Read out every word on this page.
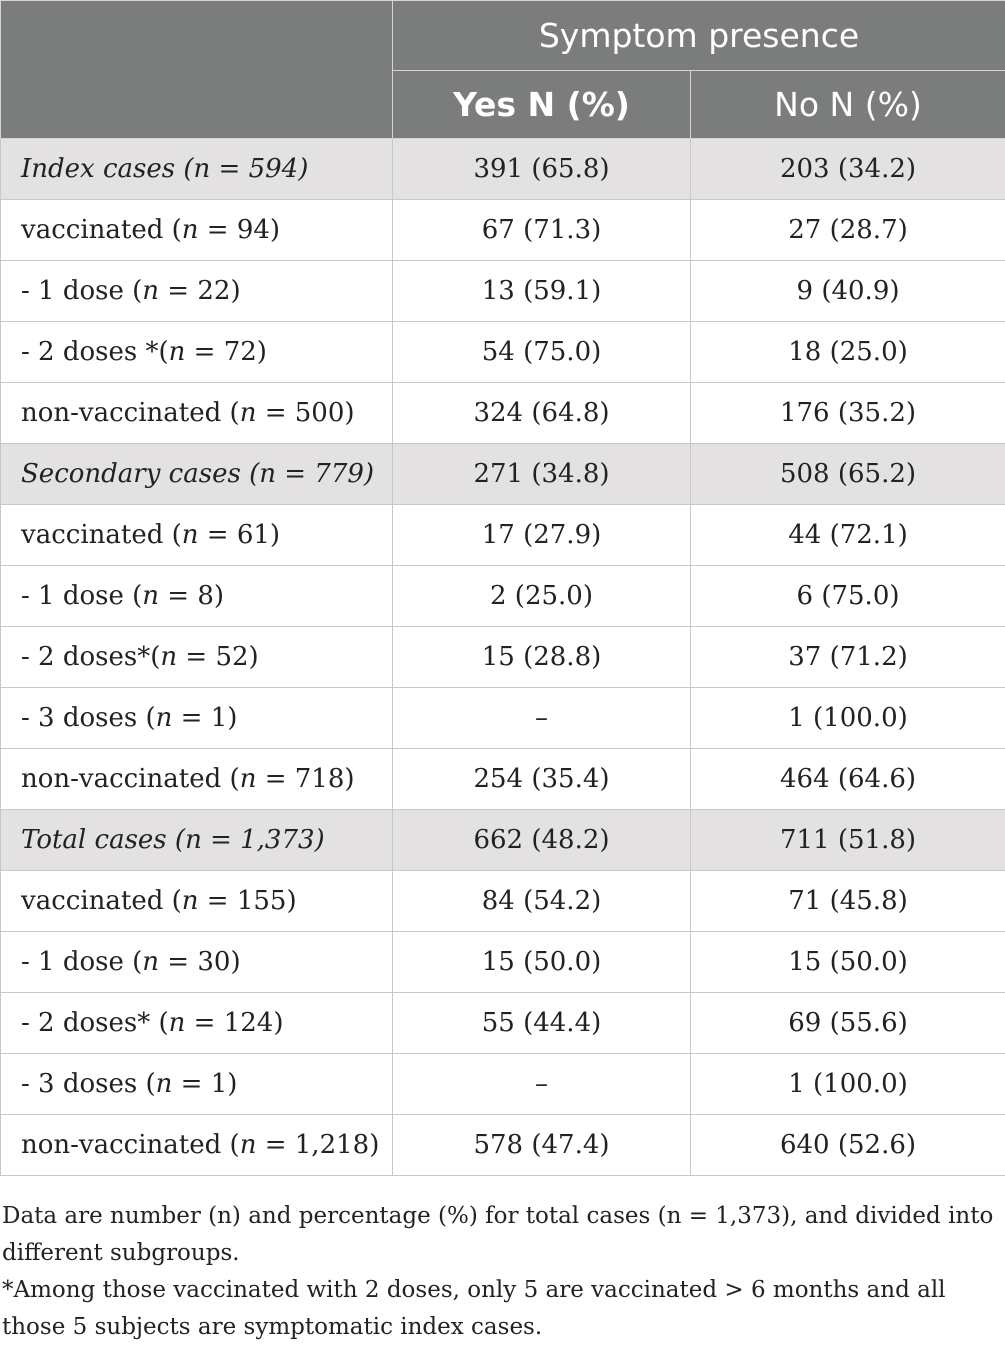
	Symptom presence	
	Yes N (%)	No N (%)
Index cases (n = 594)	391 (65.8)	203 (34.2)
vaccinated (n = 94)	67 (71.3)	27 (28.7)
- 1 dose (n = 22)	13 (59.1)	9 (40.9)
- 2 doses *(n = 72)	54 (75.0)	18 (25.0)
non-vaccinated (n = 500)	324 (64.8)	176 (35.2)
Secondary cases (n = 779)	271 (34.8)	508 (65.2)
vaccinated (n = 61)	17 (27.9)	44 (72.1)
- 1 dose (n = 8)	2 (25.0)	6 (75.0)
- 2 doses*(n = 52)	15 (28.8)	37 (71.2)
- 3 doses (n = 1)	–	1 (100.0)
non-vaccinated (n = 718)	254 (35.4)	464 (64.6)
Total cases (n = 1,373)	662 (48.2)	711 (51.8)
vaccinated (n = 155)	84 (54.2)	71 (45.8)
- 1 dose (n = 30)	15 (50.0)	15 (50.0)
- 2 doses* (n = 124)	55 (44.4)	69 (55.6)
- 3 doses (n = 1)	–	1 (100.0)
non-vaccinated (n = 1,218)	578 (47.4)	640 (52.6)

Data are number (n) and percentage (%) for total cases (n = 1,373), and divided into different subgroups.

*Among those vaccinated with 2 doses, only 5 are vaccinated > 6 months and all those 5 subjects are symptomatic index cases.
